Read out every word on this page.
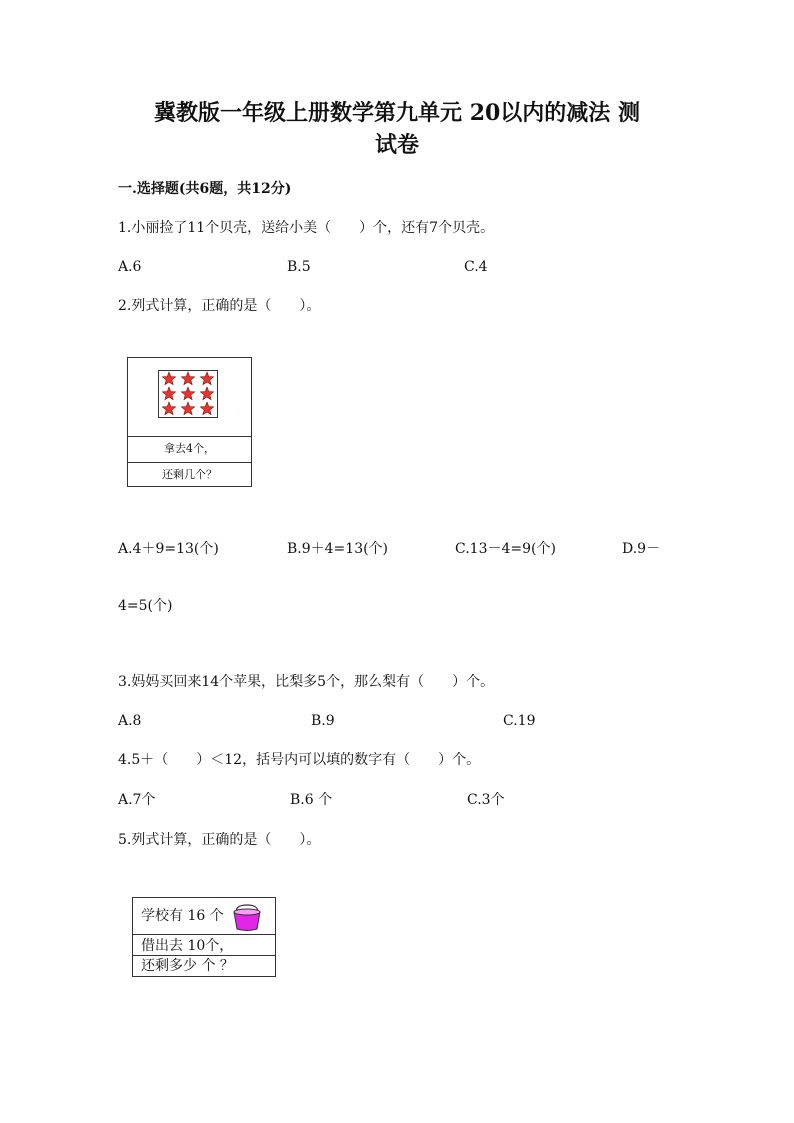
冀教版一年级上册数学第九单元 20以内的减法 测
试卷
一.选择题(共6题，共12分)
1.小丽捡了11个贝壳，送给小美（　　）个，还有7个贝壳。
A.6	B.5	C.4
2.列式计算，正确的是（　　）。
拿去4个，
还剩几个？
A.4＋9=13(个)	B.9＋4=13(个)	C.13－4=9(个)	D.9－
4=5(个)
3.妈妈买回来14个苹果，比梨多5个，那么梨有（　　）个。
A.8	B.9	C.19
4.5＋（　　）＜12，括号内可以填的数字有（　　）个。
A.7个	B.6 个	C.3个
5.列式计算，正确的是（　　）。
学校有 16 个
借出去 10个，
还剩多少 个 ？
